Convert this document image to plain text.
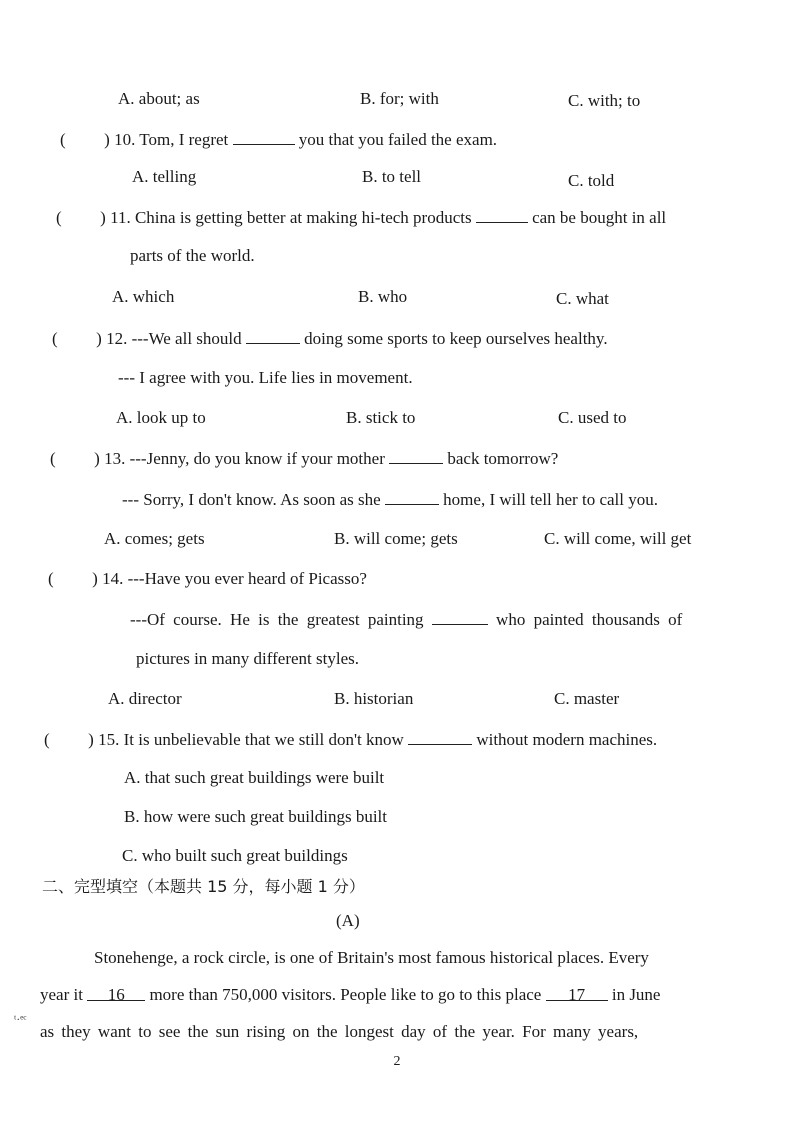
A. about; as	B. for; with	C. with; to
( ) 10. Tom, I regret	you that you failed the exam.
A. telling	B. to tell	C. told
( ) 11. China is getting better at making hi-tech products	can be bought in all
parts of the world.
A. which	B. who	C. what
( ) 12. ---We all should	doing some sports to keep ourselves healthy.
--- I agree with you. Life lies in movement.
A. look up to	B. stick to	C. used to
( ) 13. ---Jenny, do you know if your mother	back tomorrow?
--- Sorry, I don't know. As soon as she	home, I will tell her to call you.
A. comes; gets	B. will come; gets	C. will come, will get
( ) 14. ---Have you ever heard of Picasso?
---Of course. He is the greatest painting	who painted thousands of
pictures in many different styles.
A. director	B. historian	C. master
( ) 15. It is unbelievable that we still don't know	without modern machines.
A. that such great buildings were built
B. how were such great buildings built
C. who built such great buildings
二、完型填空（本题共 15 分，每小题 1 分）
(A)
Stonehenge, a rock circle, is one of Britain's most famous historical places. Every
year it 16 more than 750,000 visitors. People like to go to this place 17 in June
ᵗ·ᵉᶜ
as they want to see the sun rising on the longest day of the year. For many years,
2
